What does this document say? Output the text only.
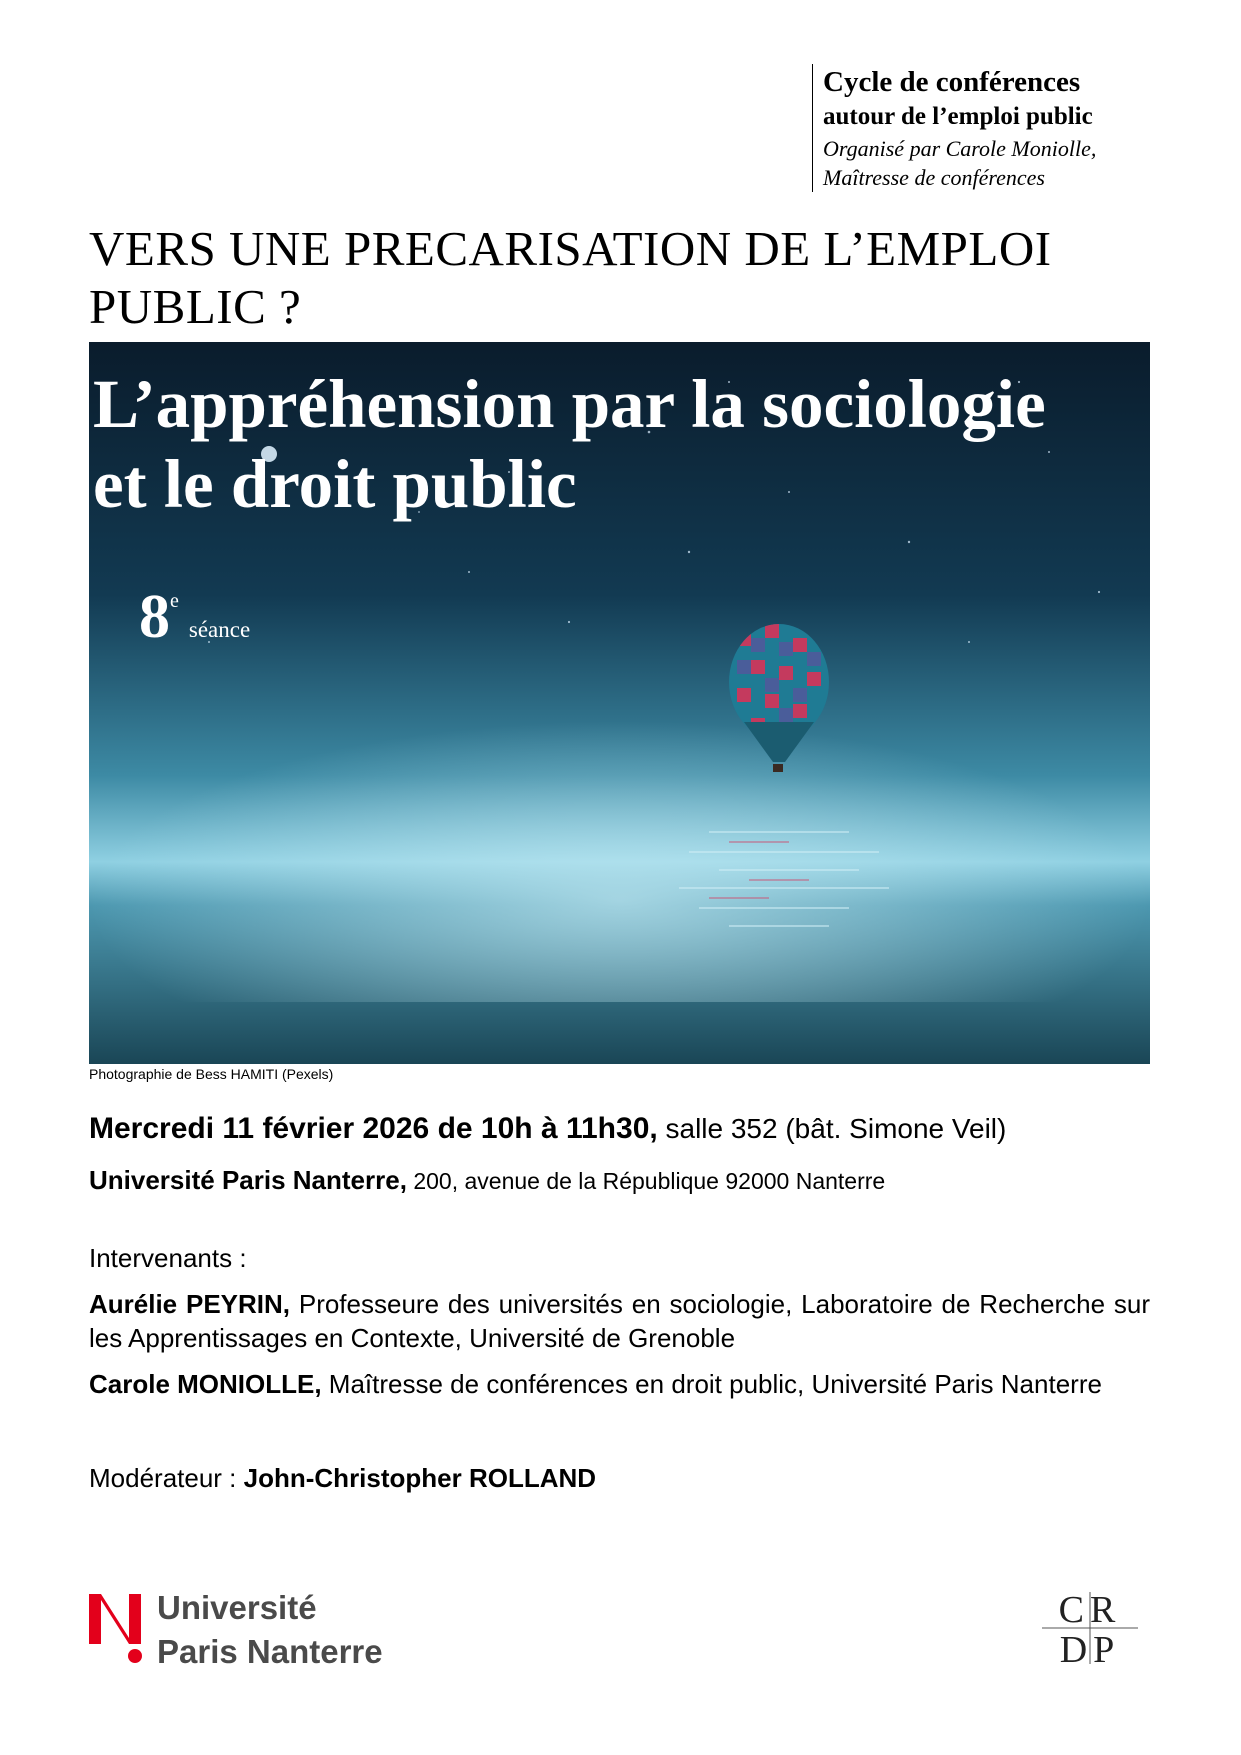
Cycle de conférences
autour de l’emploi public
Organisé par Carole Moniolle,
Maîtresse de conférences
VERS UNE PRECARISATION DE L’EMPLOI PUBLIC ?
L’appréhension par la sociologie
et le droit public
8eséance
Photographie de Bess HAMITI (Pexels)
Mercredi 11 février 2026 de 10h à 11h30, salle 352 (bât. Simone Veil)
Université Paris Nanterre, 200, avenue de la République 92000 Nanterre
Intervenants :
Aurélie PEYRIN, Professeure des universités en sociologie, Laboratoire de Recherche sur les Apprentissages en Contexte, Université de Grenoble
Carole MONIOLLE, Maîtresse de conférences en droit public, Université Paris Nanterre
Modérateur : John-Christopher ROLLAND
Université
Paris Nanterre
CR
DP
